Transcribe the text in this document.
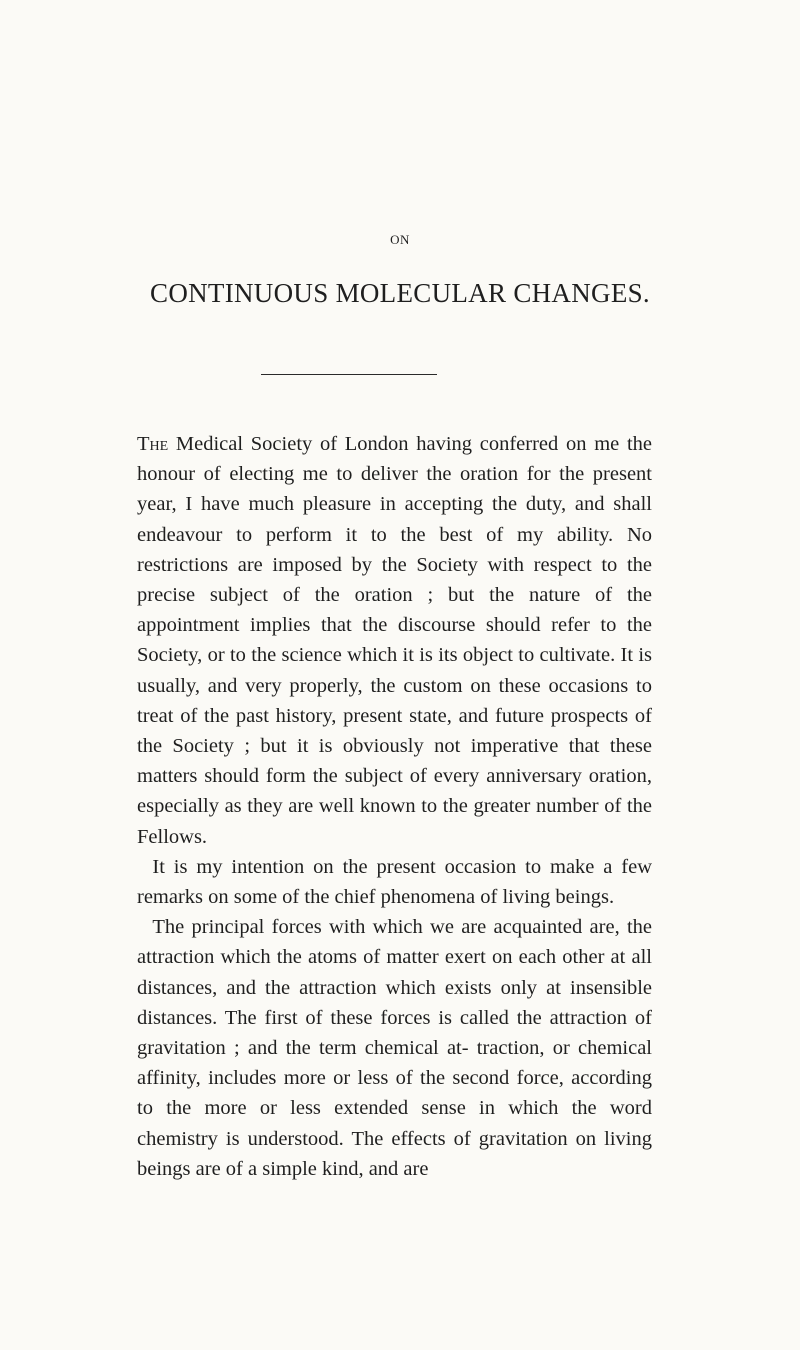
ON
CONTINUOUS MOLECULAR CHANGES.

The Medical Society of London having conferred on me the honour of electing me to deliver the oration for the present year, I have much pleasure in accepting the duty, and shall endeavour to perform it to the best of my ability. No restrictions are imposed by the Society with respect to the precise subject of the oration ; but the nature of the appointment implies that the discourse should refer to the Society, or to the science which it is its object to cultivate. It is usually, and very properly, the custom on these occasions to treat of the past history, present state, and future prospects of the Society ; but it is obviously not imperative that these matters should form the subject of every anniversary oration, especially as they are well known to the greater number of the Fellows.

It is my intention on the present occasion to make a few remarks on some of the chief phenomena of living beings.

The principal forces with which we are acquainted are, the attraction which the atoms of matter exert on each other at all distances, and the attraction which exists only at insensible distances. The first of these forces is called the attraction of gravitation ; and the term chemical at- traction, or chemical affinity, includes more or less of the second force, according to the more or less extended sense in which the word chemistry is understood. The effects of gravitation on living beings are of a simple kind, and are
